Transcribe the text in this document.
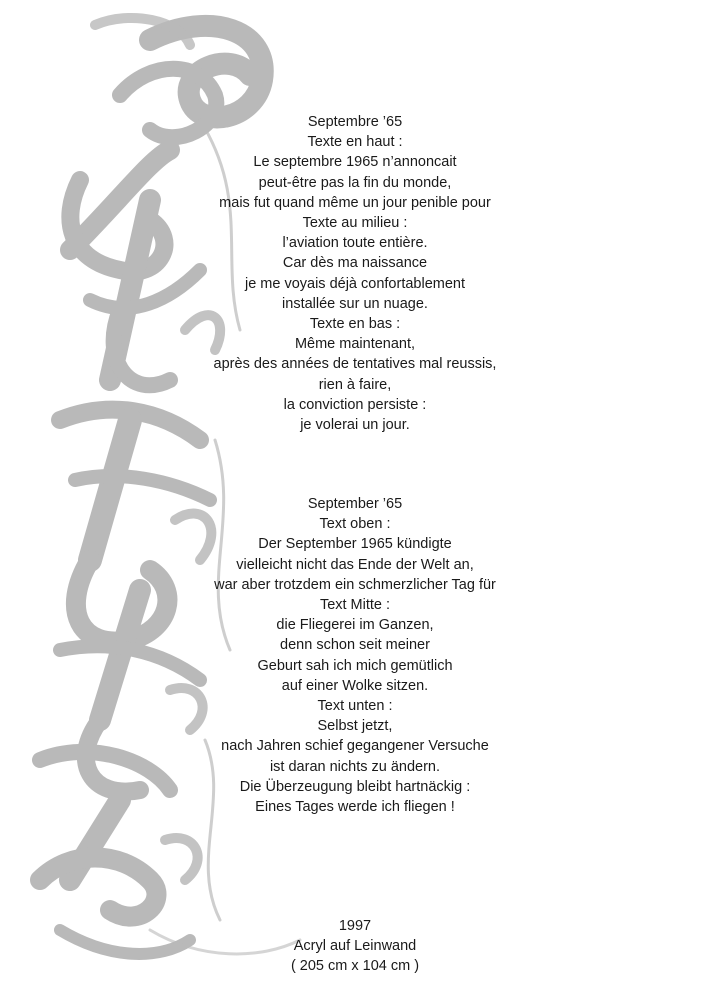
Septembre ’65
Texte en haut :
Le septembre 1965 n’annoncait
peut-être pas la fin du monde,
mais fut quand même un jour penible pour
Texte au milieu :
l’aviation toute entière.
Car dès ma naissance
je me voyais déjà confortablement
installée sur un nuage.
Texte en bas :
Même maintenant,
après des années de tentatives mal reussis,
rien à faire,
la conviction persiste :
je volerai un jour.
September ’65
Text oben :
Der September 1965 kündigte
vielleicht nicht das Ende der Welt an,
war aber trotzdem ein schmerzlicher Tag für
Text Mitte :
die Fliegerei im Ganzen,
denn schon seit meiner
Geburt sah ich mich gemütlich
auf einer Wolke sitzen.
Text unten :
Selbst jetzt,
nach Jahren schief gegangener Versuche
ist daran nichts zu ändern.
Die Überzeugung bleibt hartnäckig :
Eines Tages werde ich fliegen !
1997
Acryl auf Leinwand
( 205 cm x 104 cm )
